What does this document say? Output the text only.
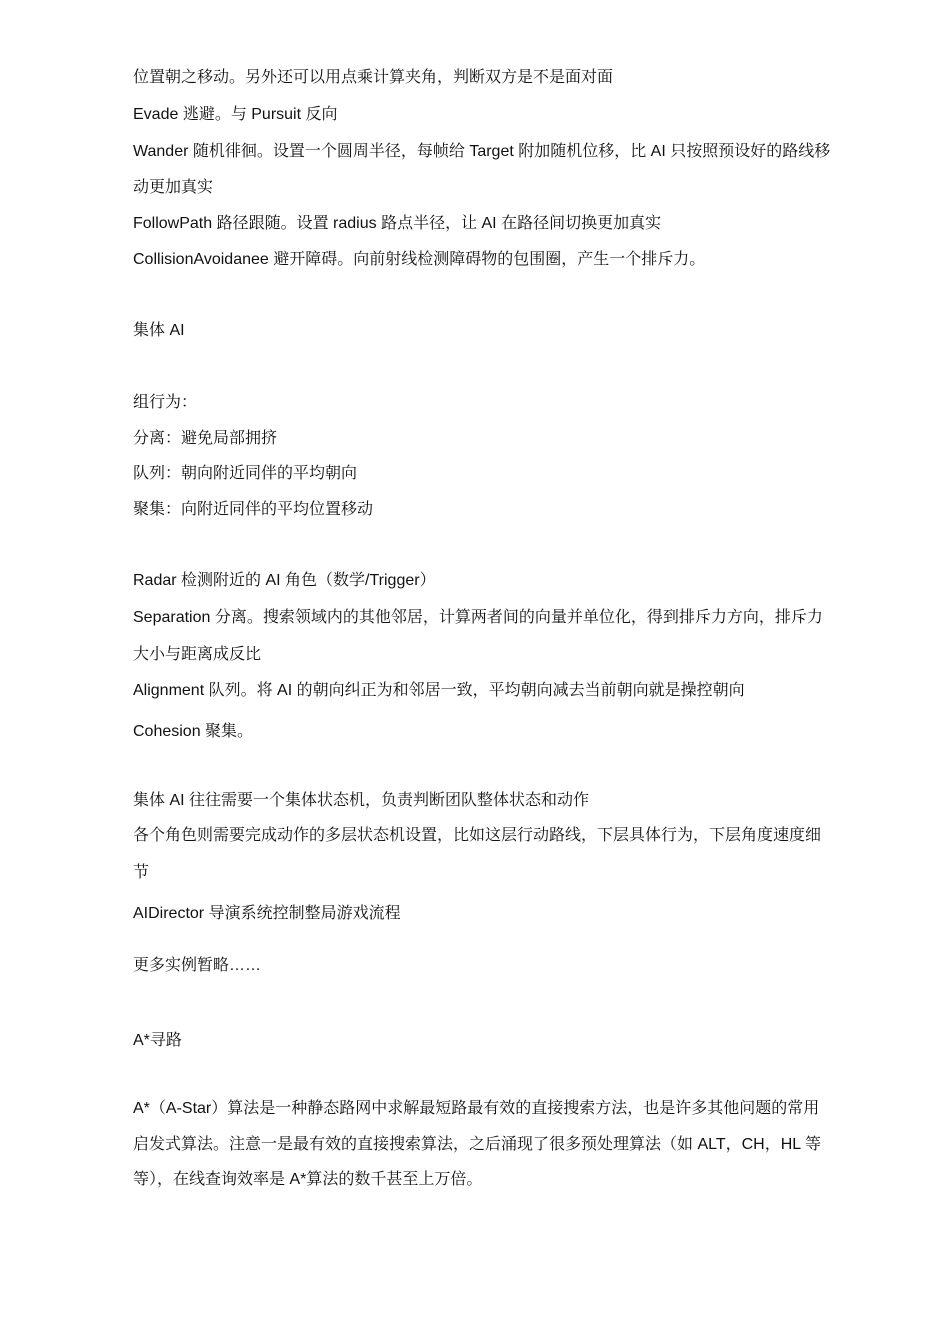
位置朝之移动。另外还可以用点乘计算夹角，判断双方是不是面对面
Evade 逃避。与 Pursuit 反向
Wander 随机徘徊。设置一个圆周半径，每帧给 Target 附加随机位移，比 AI 只按照预设好的路线移
动更加真实
FollowPath 路径跟随。设置 radius 路点半径，让 AI 在路径间切换更加真实
CollisionAvoidanee 避开障碍。向前射线检测障碍物的包围圈，产生一个排斥力。
集体 AI
组行为：
分离：避免局部拥挤
队列：朝向附近同伴的平均朝向
聚集：向附近同伴的平均位置移动
Radar 检测附近的 AI 角色（数学/Trigger）
Separation 分离。搜索领域内的其他邻居，计算两者间的向量并单位化，得到排斥力方向，排斥力
大小与距离成反比
Alignment 队列。将 AI 的朝向纠正为和邻居一致，平均朝向减去当前朝向就是操控朝向
Cohesion 聚集。
集体 AI 往往需要一个集体状态机，负责判断团队整体状态和动作
各个角色则需要完成动作的多层状态机设置，比如这层行动路线，下层具体行为，下层角度速度细
节
AIDirector 导演系统控制整局游戏流程
更多实例暂略……
A*寻路
A*（A-Star）算法是一种静态路网中求解最短路最有效的直接搜索方法，也是许多其他问题的常用
启发式算法。注意一是最有效的直接搜索算法，之后涌现了很多预处理算法（如 ALT，CH，HL 等
等），在线查询效率是 A*算法的数千甚至上万倍。
